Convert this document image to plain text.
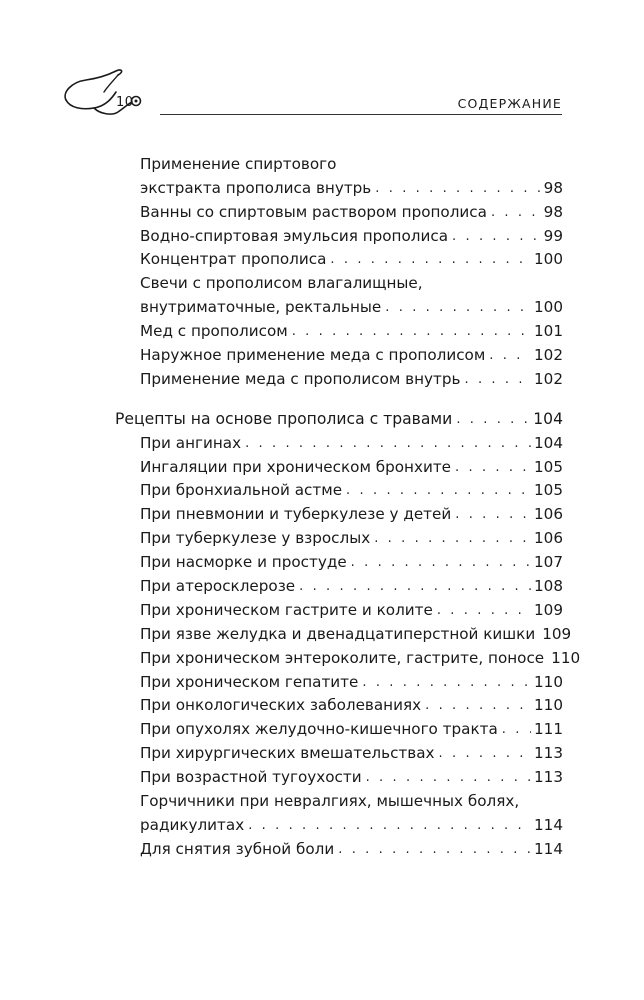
10	СОДЕРЖАНИЕ
Применение спиртового
экстракта прополиса внутрь . . .	98
Ванны со спиртовым раствором прополиса . . .	98
Водно-спиртовая эмульсия прополиса . . .	99
Концентрат прополиса . . .	100
Свечи с прополисом влагалищные,
внутриматочные, ректальные . . .	100
Мед с прополисом . . .	101
Наружное применение меда с прополисом . . .	102
Применение меда с прополисом внутрь . . .	102
Рецепты на основе прополиса с травами . . .	104
При ангинах . . .	104
Ингаляции при хроническом бронхите . . .	105
При бронхиальной астме . . .	105
При пневмонии и туберкулезе у детей . . .	106
При туберкулезе у взрослых . . .	106
При насморке и простуде . . .	107
При атеросклерозе . . .	108
При хроническом гастрите и колите . . .	109
При язве желудка и двенадцатиперстной кишки 109
При хроническом энтероколите, гастрите, поносе 110
При хроническом гепатите . . .	110
При онкологических заболеваниях . . .	110
При опухолях желудочно-кишечного тракта . . . 111
При хирургических вмешательствах . . .	113
При возрастной тугоухости . . .	113
Горчичники при невралгиях, мышечных болях,
радикулитах . . .	114
Для снятия зубной боли . . .	114
